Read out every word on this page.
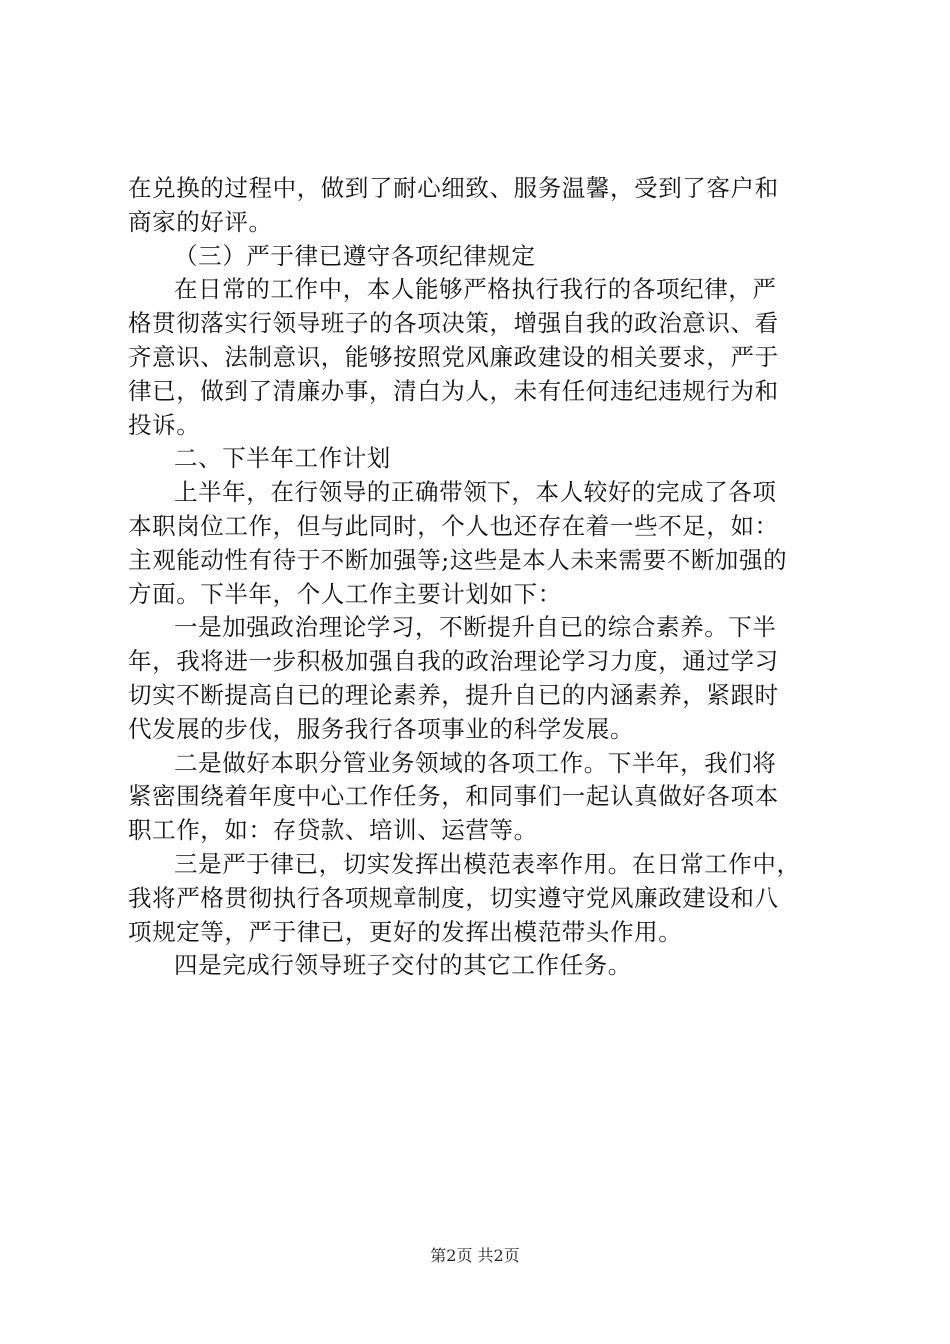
在兑换的过程中，做到了耐心细致、服务温馨，受到了客户和
商家的好评。
（三）严于律已遵守各项纪律规定
在日常的工作中，本人能够严格执行我行的各项纪律，严
格贯彻落实行领导班子的各项决策，增强自我的政治意识、看
齐意识、法制意识，能够按照党风廉政建设的相关要求，严于
律已，做到了清廉办事，清白为人，未有任何违纪违规行为和
投诉。
二、下半年工作计划
上半年，在行领导的正确带领下，本人较好的完成了各项
本职岗位工作，但与此同时，个人也还存在着一些不足，如：
主观能动性有待于不断加强等;这些是本人未来需要不断加强的
方面。下半年，个人工作主要计划如下：
一是加强政治理论学习，不断提升自已的综合素养。下半
年，我将进一步积极加强自我的政治理论学习力度，通过学习
切实不断提高自已的理论素养，提升自已的内涵素养，紧跟时
代发展的步伐，服务我行各项事业的科学发展。
二是做好本职分管业务领域的各项工作。下半年，我们将
紧密围绕着年度中心工作任务，和同事们一起认真做好各项本
职工作，如：存贷款、培训、运营等。
三是严于律已，切实发挥出模范表率作用。在日常工作中，
我将严格贯彻执行各项规章制度，切实遵守党风廉政建设和八
项规定等，严于律已，更好的发挥出模范带头作用。
四是完成行领导班子交付的其它工作任务。
第2页 共2页
